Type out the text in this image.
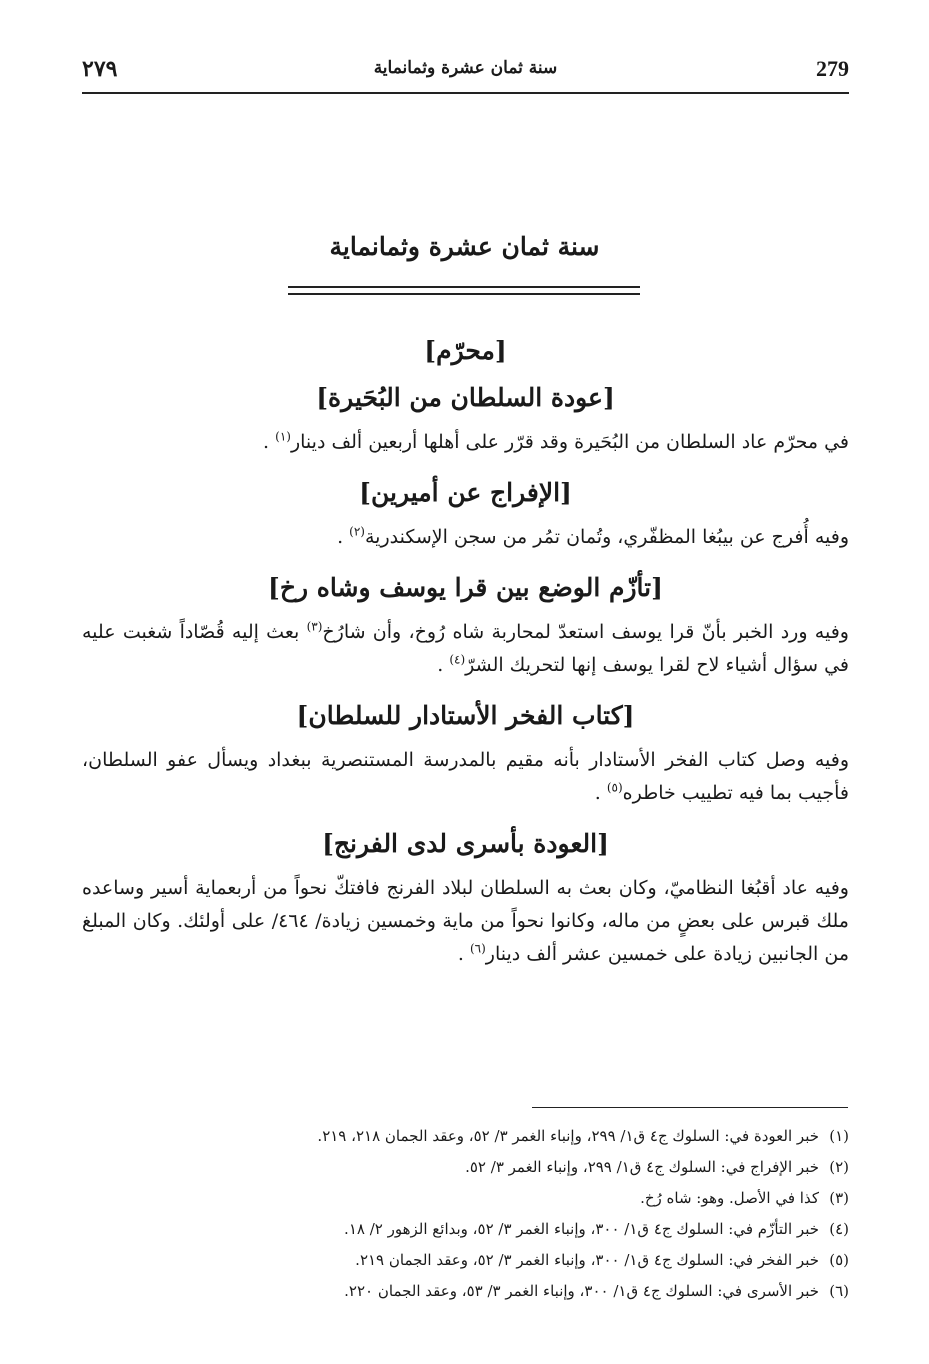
279
سنة ثمان عشرة وثمانماية
٢٧٩
سنة ثمان عشرة وثمانماية

[محرّم]

[عودة السلطان من البُحَيرة]

في محرّم عاد السلطان من البُحَيرة وقد قرّر على أهلها أربعين ألف دينار$^{(١)}$ .

[الإفراج عن أميرين]

وفيه أُفرج عن بيبُغا المظفّري، وتُمان تمُر من سجن الإسكندرية$^{(٢)}$ .

[تأزّم الوضع بين قرا يوسف وشاه رخ]

وفيه ورد الخبر بأنّ قرا يوسف استعدّ لمحاربة شاه رُوخ، وأن شارُخ$^{(٣)}$ بعث إليه قُصّاداً شغبت عليه في سؤال أشياء لاح لقرا يوسف إنها لتحريك الشرّ$^{(٤)}$ .

[كتاب الفخر الأستادار للسلطان]

وفيه وصل كتاب الفخر الأستادار بأنه مقيم بالمدرسة المستنصرية ببغداد ويسأل عفو السلطان، فأجيب بما فيه تطييب خاطره$^{(٥)}$ .

[العودة بأسرى لدى الفرنج]

وفيه عاد أقبُغا النظاميّ، وكان بعث به السلطان لبلاد الفرنج فافتكّ نحواً من أربعماية أسير وساعده ملك قبرس على بعضٍ من ماله، وكانوا نحواً من ماية وخمسين زيادة/ ٤٦٤/ على أولئك. وكان المبلغ من الجانبين زيادة على خمسين عشر ألف دينار$^{(٦)}$ .

(١)خبر العودة في: السلوك ج٤ ق١/ ٢٩٩، وإنباء الغمر ٣/ ٥٢، وعقد الجمان ٢١٨، ٢١٩.

(٢)خبر الإفراج في: السلوك ج٤ ق١/ ٢٩٩، وإنباء الغمر ٣/ ٥٢.

(٣)كذا في الأصل. وهو: شاه رُخ.

(٤)خبر التأزّم في: السلوك ج٤ ق١/ ٣٠٠، وإنباء الغمر ٣/ ٥٢، وبدائع الزهور ٢/ ١٨.

(٥)خبر الفخر في: السلوك ج٤ ق١/ ٣٠٠، وإنباء الغمر ٣/ ٥٢، وعقد الجمان ٢١٩.

(٦)خبر الأسرى في: السلوك ج٤ ق١/ ٣٠٠، وإنباء الغمر ٣/ ٥٣، وعقد الجمان ٢٢٠.
